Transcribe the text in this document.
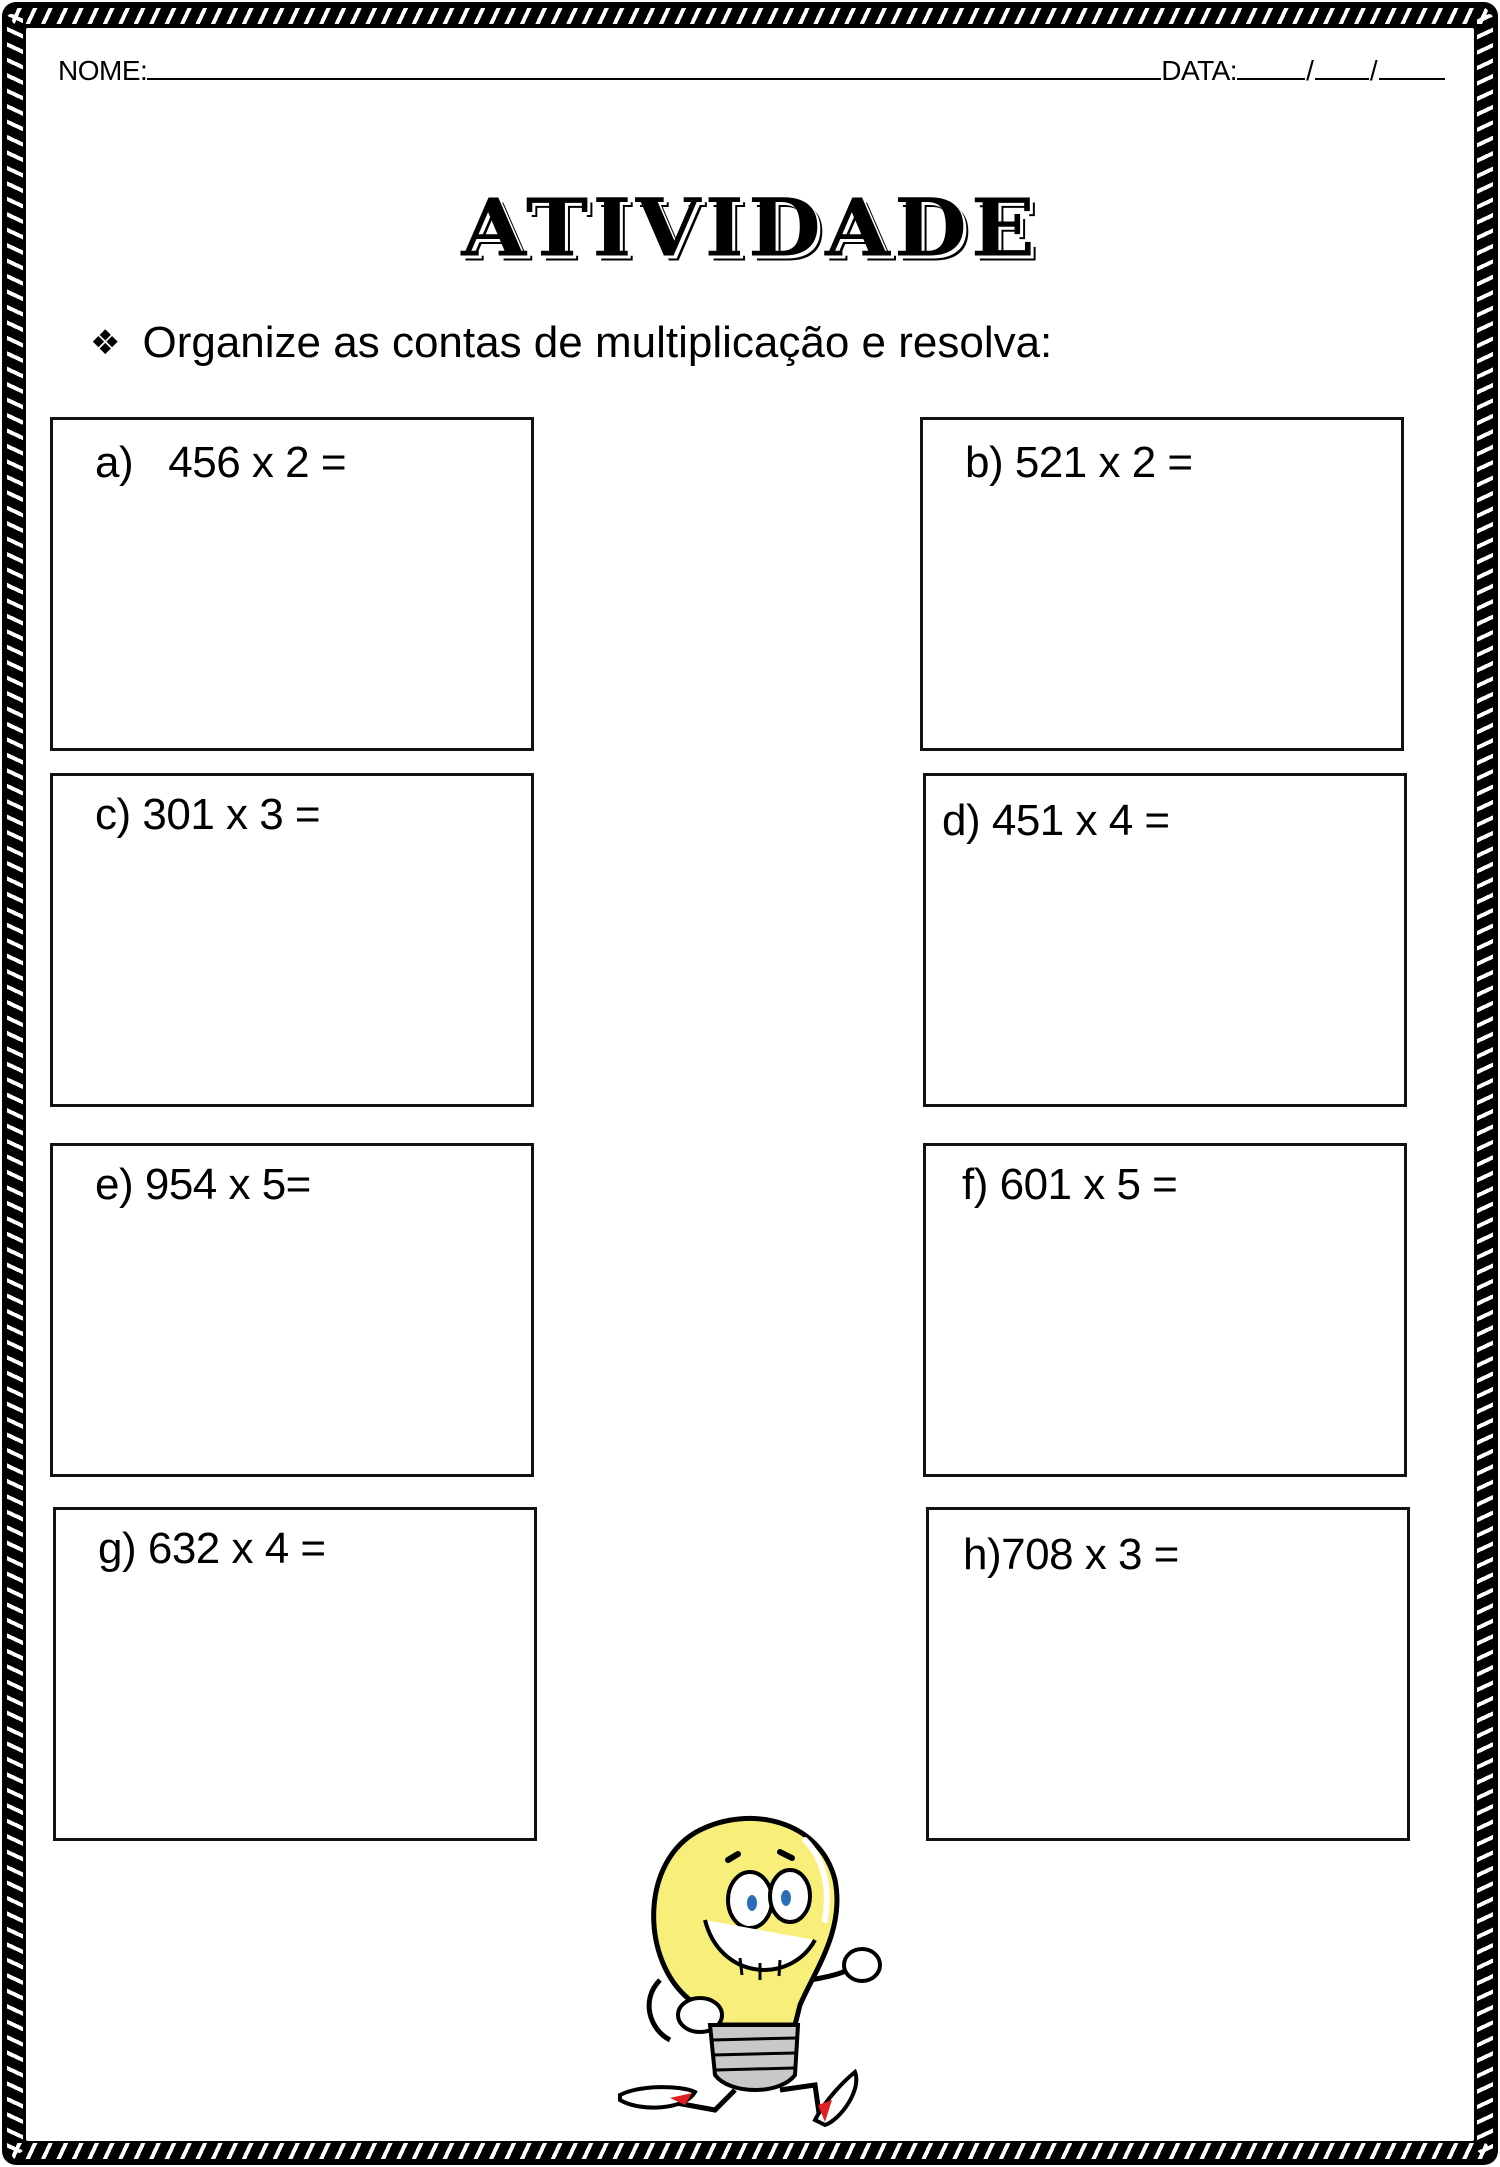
NOME:	DATA: / /
ATIVIDADE
❖ Organize as contas de multiplicação e resolva:
a)   456 x 2 =	b) 521 x 2 =
c) 301 x 3 =	d) 451 x 4 =
e) 954 x 5=	f) 601 x 5 =
g) 632 x 4 =	h)708 x 3 =
